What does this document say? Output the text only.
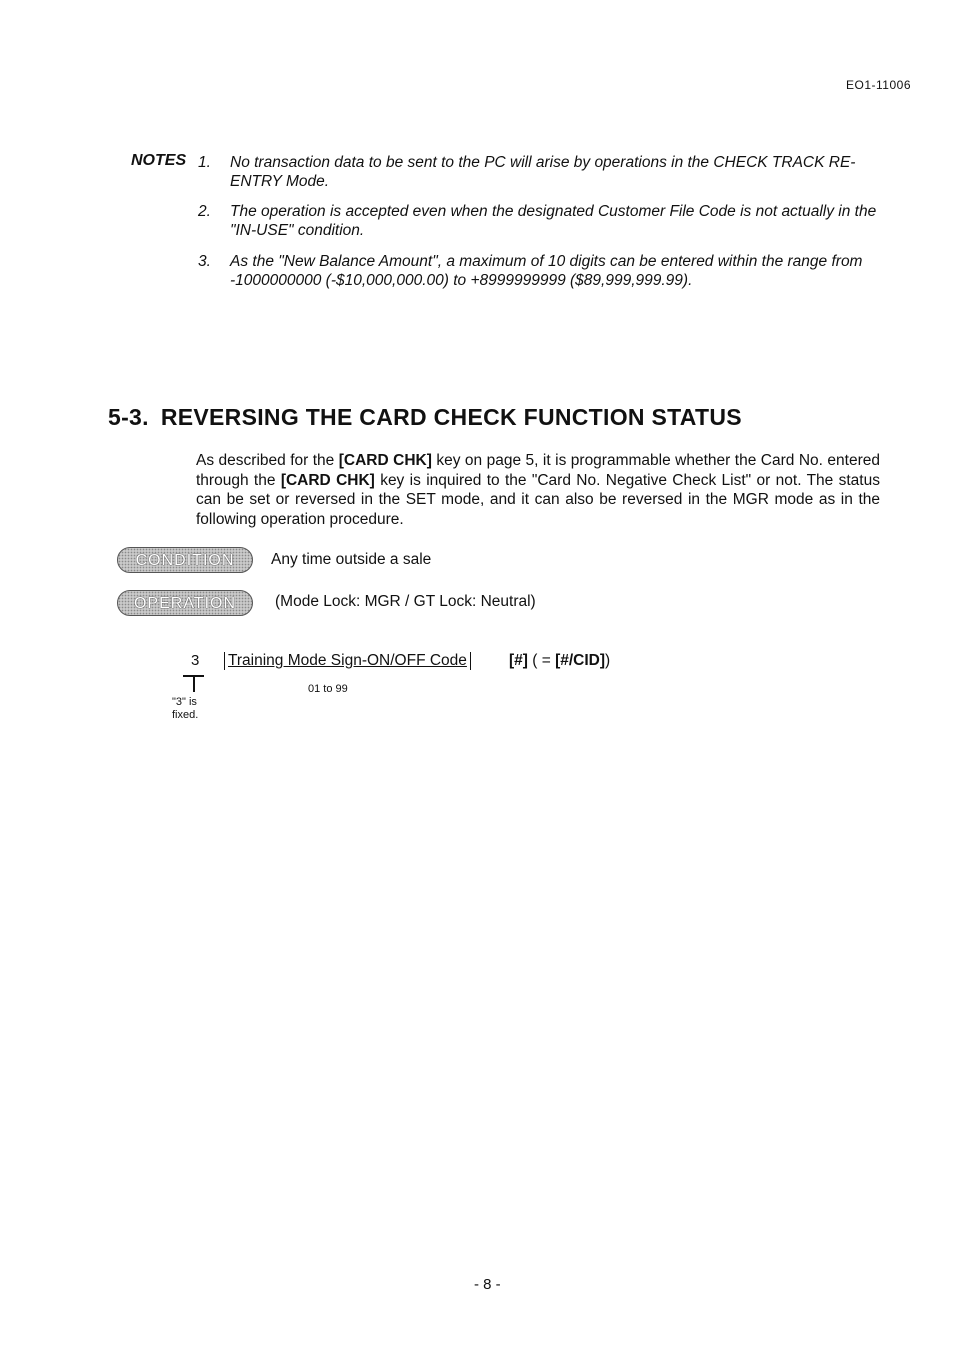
EO1-11006
NOTES 1.	No transaction data to be sent to the PC will arise by operations in the CHECK TRACK RE-ENTRY Mode.
2.	The operation is accepted even when the designated Customer File Code is not actually in the "IN-USE" condition.
3.	As the "New Balance Amount", a maximum of 10 digits can be entered within the range from -1000000000 (-$10,000,000.00) to +8999999999 ($89,999,999.99).
5-3. REVERSING THE CARD CHECK FUNCTION STATUS
As described for the [CARD CHK] key on page 5, it is programmable whether the Card No. entered through the [CARD CHK] key is inquired to the "Card No. Negative Check List" or not. The status can be set or reversed in the SET mode, and it can also be reversed in the MGR mode as in the following operation procedure.
CONDITION	Any time outside a sale
OPERATION	(Mode Lock: MGR / GT Lock: Neutral)
3
"3" is fixed.
Training Mode Sign-ON/OFF Code
01 to 99
[#] ( = [#/CID])
- 8 -
